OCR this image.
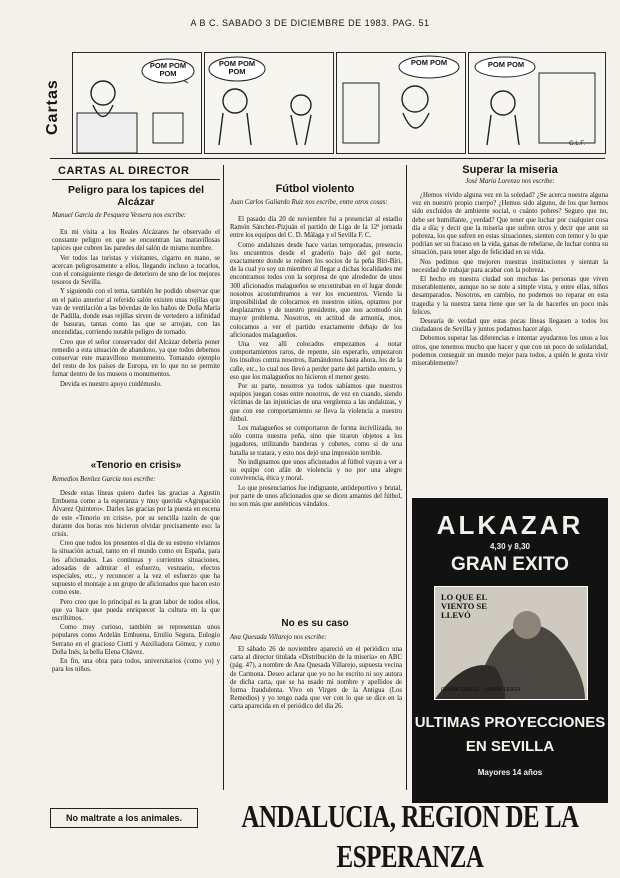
A B C. SABADO 3 DE DICIEMBRE DE 1983. PAG. 51
Cartas
POM POM POM
POM POM POM
POM POM	POM POM
G.L.F.
CARTAS AL DIRECTOR
Peligro para los tapices del Alcázar
Manuel García de Pesquera Vessera nos escribe:

En mi visita a los Reales Alcázares he observado el constante peligro en que se encuentran las maravillosas tapices que cubren las paredes del salón de mismo nombre.

Ver todos las turistas y visitantes, cigarro en mano, se acercan peligrosamente a ellos, llegando incluso a tocarlos, con el consiguiente riesgo de deterioro de uno de los mejores tesoros de Sevilla.

Y siguiendo con el tema, también he podido observar que en el patio anterior al referido salón existen unas rejillas que van de ventilación a las bóvedas de los baños de Doña María de Padilla, donde esas rejillas sirven de vertedero a infinidad de basuras, tantas como las que se arrojan, con las encendidas, corriendo notable peligro de tornado.

Creo que el señor conservador del Alcázar debería poner remedio a esta situación de abandono, ya que todos debemos conservar este maravilloso monumento. Tomando ejemplo del resto de los países de Europa, en lo que no se permite fumar dentro de los museos o monumentos.

Devida es nuestro apoyo cuidémoslo.

«Tenorio en crisis»
Remedios Benítez García nos escribe:

Desde estas líneas quiero darles las gracias a Agustín Embuena como a la esperanza y muy querida «Agrupación Álvarez Quintero». Darles las gracias por la puesta en escena de este «Tenorio en crisis», por su sencilla razón de que durante dos horas nos hicieron olvidar precisamente eso: la crisis.

Creo que todos los presentes el día de su estreno vivíamos la situación actual, tanto en el mundo como en España, para los aficionados. Las continuas y corrientes situaciones, adosadas de admirar el esfuerzo, vestuario, efectos especiales, etc., y reconocer a la vez el esfuerzo que ha supuesto el montaje a un grupo de aficionados que hacen esto como este.

Pero creo que lo principal es la gran labor de todos ellos, que ya hace que pueda enriquecer la cultura en la que escribimos.

Como muy curioso, también se representan unos populares como Ardelán Embuena, Emilio Segura, Eulogio Serrano en el gracioso Ciutti y Auxiliadora Gómez, y como Doña Inés, la bella Elena Chávez.

En fin, una obra para todos, universitarios (como yo) y para los niños.

No maltrate a los animales.
Fútbol violento
Juan Carlos Galiardo Ruiz nos escribe, entre otros cosas:

El pasado día 20 de noviembre fui a presenciar al estadio Ramón Sánchez-Pizjuán el partido de Liga de la 12ª jornada entre los equipos del C. D. Málaga y el Sevilla F. C.

Como andaluzes desde hace varias temporadas, presencio los encuentros desde el graderío bajo del gol norte, exactamente donde se reúnen los socios de la peña Biri-Biri, de la cual yo soy un miembro al llegar a dichas localidades me encontramos todos con la sorpresa de que alrededor de unos 300 aficionados malagueños se encontraban en el lugar donde nosotros acostumbramos a ver los encuentros. Viendo la imposibilidad de colocarnos en nuestros sitios, optamos por desplazarnos y de nuestro presidente, que nos acomodó sin mayor problema. Nosotros, en actitud de armonía, mos, colocamos a ver el partido exactamente debajo de los aficionados malagueños.

Una vez allí colocados empezamos a notar comportamientos raros, de repente, sin esperarlo, empezaron los insultos contra nosotros, llamándonos hasta ahora, los de la calle, etc., lo cual nos llevó a perder parte del partido entero, y eso que los malagueños no hicieron el menor gesto.

Por su parte, nosotros ya todos sabíamos que nuestros equipos juegan cosas entre nosotros, de vez en cuando, siendo víctimas de las injusticias de una vergüenza a las andaluzas, y que con ese comportamiento se lleva la violencia a nuestro fútbol.

Los malagueños se comportaron de forma incivilizada, no sólo contra nuestra peña, sino que tiraron objetos a los jugadores, utilizando banderas y cohetes, como si de una batalla se tratara, y esto nos dejó una impresión terrible.

No indignamos que unos aficionados al fútbol vayan a ver a su equipo con afán de violencia y no por una alegre convivencia, ética y moral.

Lo que presenciamos fue indignante, antideportivo y brutal, por parte de unos aficionados que se dicen amantes del fútbol, no son más que auténticos vándalos.

No es su caso
Ana Quesada Villarejo nos escribe:

El sábado 26 de noviembre apareció en el periódico una carta al director titulada «Distribución de la miseria» en ABC (pág. 47), a nombre de Ana Quesada Villarejo, supuesta vecina de Carmona. Deseo aclarar que yo no he escrito ni soy autora de dicha carta, que se ha usado mi nombre y apellidos de forma fraudulenta. Vivo en Virgen de la Antigua (Los Remedios) y yo tengo nada que ver con lo que se dice en la carta aparecida en el periódico del día 26.

Superar la miseria
José María Lorenzo nos escribe:

¿Hemos vivido alguna vez en la soledad? ¿Se acerca nuestra alguna vez en nuestro propio cuerpo? ¿Hemos sido alguno, de los que hemos sido excluidos de ambiente social, o cuánto pobres? Seguro que no, debe ser humillante, ¿verdad? Que tener que luchar por cualquier cosa día a día; y decir que la miseria que sufren otros y decir que ante su pobreza, los que sufren en estas situaciones, sienten con temor y lo que podrían ser su fracaso en la vida, ganas de rebelarse, de luchar contra su situación, para tener algo de felicidad en su vida.

Nos pedimos que mejoren nuestras instituciones y sientan la necesidad de trabajar para acabar con la pobreza.

El hecho en nuestra ciudad son muchas las personas que viven miserablemente, aunque no se note a simple vista, y entre ellas, niños desamparados. Nosotros, en cambio, no podemos no reparar en esta tragedia y la nuestra tarea tiene que ser la de hacerles un poco más felices.

Desearía de verdad que estas pocas líneas llegasen a todos los ciudadanos de Sevilla y juntos podamos hacer algo.

Debemos superar las diferencias e intentar ayudarnos los unos a los otros, que tenemos mucho que hacer y que con un poco de solidaridad, podemos conseguir un mundo mejor para todos, a quién le gusta vivir miserablemente?

ALKAZAR
4,30 y 8,30
GRAN EXITO
LO QUE EL VIENTO SE LLEVÓ
CLARK GABLE · VIVIEN LEIGH
ULTIMAS PROYECCIONES
EN SEVILLA
Mayores 14 años
ANDALUCIA, REGION DE LA ESPERANZA
